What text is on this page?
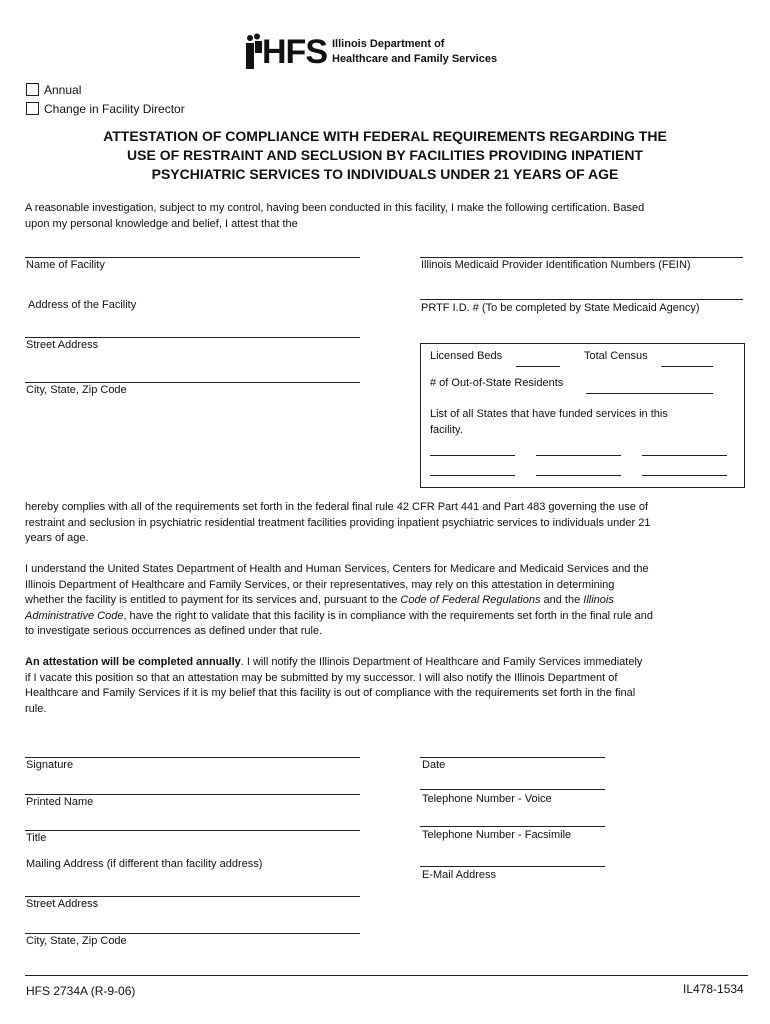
HFS Illinois Department of
Healthcare and Family Services
Annual
Change in Facility Director
ATTESTATION OF COMPLIANCE WITH FEDERAL REQUIREMENTS REGARDING THE
USE OF RESTRAINT AND SECLUSION BY FACILITIES PROVIDING INPATIENT
PSYCHIATRIC SERVICES TO INDIVIDUALS UNDER 21 YEARS OF AGE
A reasonable investigation, subject to my control, having been conducted in this facility, I make the following certification. Based
upon my personal knowledge and belief, I attest that the
Name of Facility
Address of the Facility
Street Address
City, State, Zip Code
Illinois Medicaid Provider Identification Numbers (FEIN)
PRTF I.D. # (To be completed by State Medicaid Agency)
Licensed Beds	Total Census
# of Out-of-State Residents
List of all States that have funded services in this
facility.
hereby complies with all of the requirements set forth in the federal final rule 42 CFR Part 441 and Part 483 governing the use of
restraint and seclusion in psychiatric residential treatment facilities providing inpatient psychiatric services to individuals under 21
years of age.
I understand the United States Department of Health and Human Services, Centers for Medicare and Medicaid Services and the
Illinois Department of Healthcare and Family Services, or their representatives, may rely on this attestation in determining
whether the facility is entitled to payment for its services and, pursuant to the Code of Federal Regulations and the Illinois
Administrative Code, have the right to validate that this facility is in compliance with the requirements set forth in the final rule and
to investigate serious occurrences as defined under that rule.
An attestation will be completed annually. I will notify the Illinois Department of Healthcare and Family Services immediately
if I vacate this position so that an attestation may be submitted by my successor. I will also notify the Illinois Department of
Healthcare and Family Services if it is my belief that this facility is out of compliance with the requirements set forth in the final
rule.
Signature
Printed Name
Title
Mailing Address (if different than facility address)
Street Address
City, State, Zip Code
Date
Telephone Number - Voice
Telephone Number - Facsimile
E-Mail Address
HFS 2734A (R-9-06)	IL478-1534
